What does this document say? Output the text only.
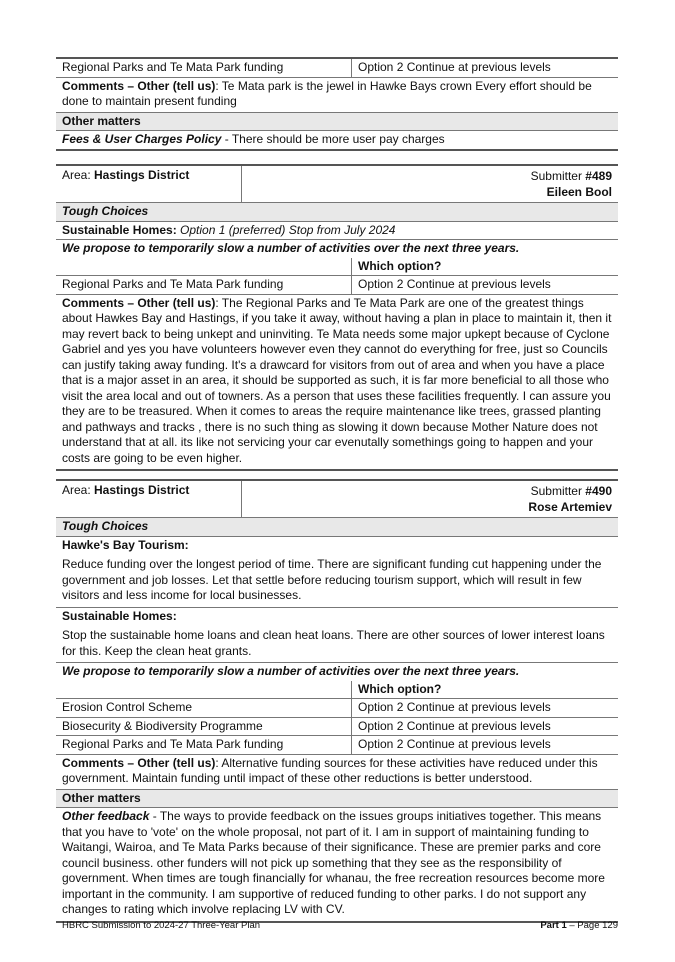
Regional Parks and Te Mata Park funding	Option 2 Continue at previous levels
Comments – Other (tell us): Te Mata park is the jewel in Hawke Bays crown Every effort should be done to maintain present funding
Other matters
Fees & User Charges Policy - There should be more user pay charges
Area: Hastings District	Submitter #489
Eileen Bool
Tough Choices
Sustainable Homes: Option 1 (preferred) Stop from July 2024
We propose to temporarily slow a number of activities over the next three years.
Which option?
Regional Parks and Te Mata Park funding	Option 2 Continue at previous levels
Comments – Other (tell us): The Regional Parks and Te Mata Park are one of the greatest things about Hawkes Bay and Hastings, if you take it away, without having a plan in place to maintain it, then it may revert back to being unkept and uninviting. Te Mata needs some major upkept because of Cyclone Gabriel and yes you have volunteers however even they cannot do everything for free, just so Councils can justify taking away funding. It's a drawcard for visitors from out of area and when you have a place that is a major asset in an area, it should be supported as such, it is far more beneficial to all those who visit the area local and out of towners. As a person that uses these facilities frequently. I can assure you they are to be treasured. When it comes to areas the require maintenance like trees, grassed planting and pathways and tracks , there is no such thing as slowing it down because Mother Nature does not understand that at all. its like not servicing your car evenutally somethings going to happen and your costs are going to be even higher.
Area: Hastings District	Submitter #490
Rose Artemiev
Tough Choices
Hawke's Bay Tourism:
Reduce funding over the longest period of time. There are significant funding cut happening under the government and job losses. Let that settle before reducing tourism support, which will result in few visitors and less income for local businesses.
Sustainable Homes:
Stop the sustainable home loans and clean heat loans. There are other sources of lower interest loans for this. Keep the clean heat grants.
We propose to temporarily slow a number of activities over the next three years.
Which option?
Erosion Control Scheme	Option 2 Continue at previous levels
Biosecurity & Biodiversity Programme	Option 2 Continue at previous levels
Regional Parks and Te Mata Park funding	Option 2 Continue at previous levels
Comments – Other (tell us): Alternative funding sources for these activities have reduced under this government. Maintain funding until impact of these other reductions is better understood.
Other matters
Other feedback - The ways to provide feedback on the issues groups initiatives together. This means that you have to 'vote' on the whole proposal, not part of it. I am in support of maintaining funding to Waitangi, Wairoa, and Te Mata Parks because of their significance. These are premier parks and core council business. other funders will not pick up something that they see as the responsibility of government. When times are tough financially for whanau, the free recreation resources become more important in the community. I am supportive of reduced funding to other parks. I do not support any changes to rating which involve replacing LV with CV.
HBRC Submission to 2024-27 Three-Year Plan	Part 1 – Page 129
